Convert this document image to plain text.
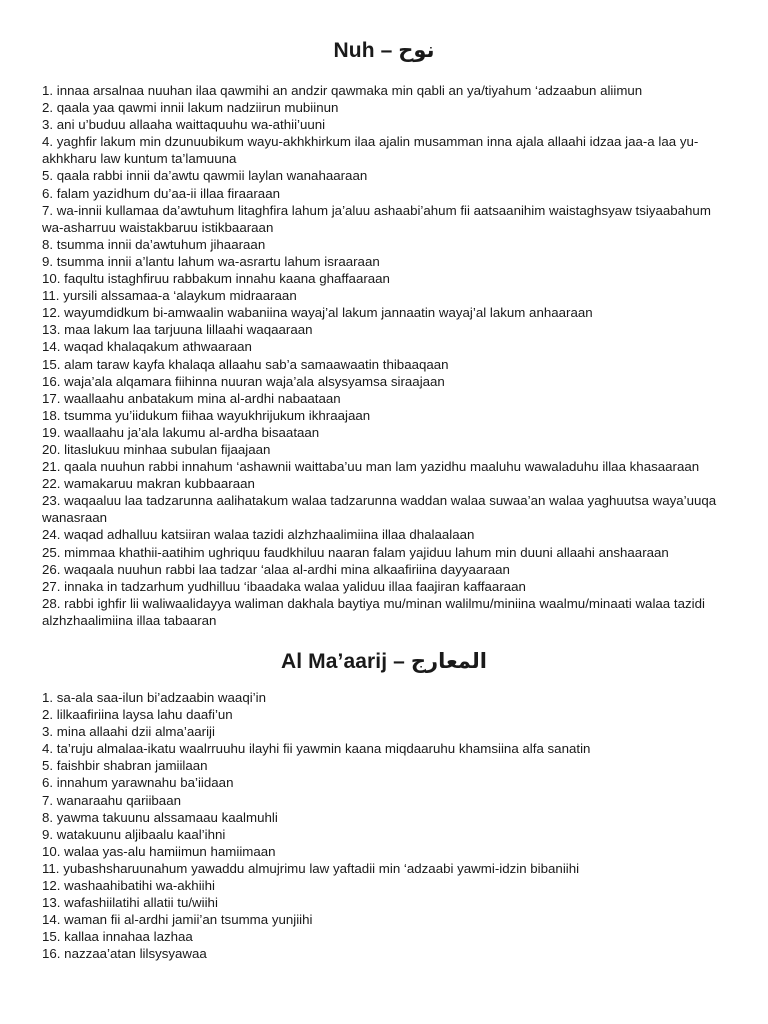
Nuh – نوح
1. innaa arsalnaa nuuhan ilaa qawmihi an andzir qawmaka min qabli an ya/tiyahum ‘adzaabun aliimun
2. qaala yaa qawmi innii lakum nadziirun mubiinun
3. ani u’buduu allaaha waittaquuhu wa-athii’uuni
4. yaghfir lakum min dzunuubikum wayu-akhkhirkum ilaa ajalin musamman inna ajala allaahi idzaa jaa-a laa yu-akhkharu law kuntum ta’lamuuna
5. qaala rabbi innii da’awtu qawmii laylan wanahaaraan
6. falam yazidhum du’aa-ii illaa firaaraan
7. wa-innii kullamaa da’awtuhum litaghfira lahum ja’aluu ashaabi’ahum fii aatsaanihim waistaghsyaw tsiyaabahum wa-asharruu waistakbaruu istikbaaraan
8. tsumma innii da’awtuhum jihaaraan
9. tsumma innii a’lantu lahum wa-asrartu lahum israaraan
10. faqultu istaghfiruu rabbakum innahu kaana ghaffaaraan
11. yursili alssamaa-a ‘alaykum midraaraan
12. wayumdidkum bi-amwaalin wabaniina wayaj’al lakum jannaatin wayaj’al lakum anhaaraan
13. maa lakum laa tarjuuna lillaahi waqaaraan
14. waqad khalaqakum athwaaraan
15. alam taraw kayfa khalaqa allaahu sab’a samaawaatin thibaaqaan
16. waja’ala alqamara fiihinna nuuran waja’ala alsysyamsa siraajaan
17. waallaahu anbatakum mina al-ardhi nabaataan
18. tsumma yu’iidukum fiihaa wayukhrijukum ikhraajaan
19. waallaahu ja’ala lakumu al-ardha bisaataan
20. litaslukuu minhaa subulan fijaajaan
21. qaala nuuhun rabbi innahum ‘ashawnii waittaba’uu man lam yazidhu maaluhu wawaladuhu illaa khasaaraan
22. wamakaruu makran kubbaaraan
23. waqaaluu laa tadzarunna aalihatakum walaa tadzarunna waddan walaa suwaa’an walaa yaghuutsa waya’uuqa wanasraan
24. waqad adhalluu katsiiran walaa tazidi alzhzhaalimiina illaa dhalaalaan
25. mimmaa khathii-aatihim ughriquu faudkhiluu naaran falam yajiduu lahum min duuni allaahi anshaaraan
26. waqaala nuuhun rabbi laa tadzar ‘alaa al-ardhi mina alkaafiriina dayyaaraan
27. innaka in tadzarhum yudhilluu ‘ibaadaka walaa yaliduu illaa faajiran kaffaaraan
28. rabbi ighfir lii waliwaalidayya waliman dakhala baytiya mu/minan walilmu/miniina waalmu/minaati walaa tazidi alzhzhaalimiina illaa tabaaran
Al Ma’aarij – المعارج
1. sa-ala saa-ilun bi’adzaabin waaqi’in
2. lilkaafiriina laysa lahu daafi’un
3. mina allaahi dzii alma’aariji
4. ta’ruju almalaa-ikatu waalrruuhu ilayhi fii yawmin kaana miqdaaruhu khamsiina alfa sanatin
5. faishbir shabran jamiilaan
6. innahum yarawnahu ba’iidaan
7. wanaraahu qariibaan
8. yawma takuunu alssamaau kaalmuhli
9. watakuunu aljibaalu kaal’ihni
10. walaa yas-alu hamiimun hamiimaan
11. yubashsharuunahum yawaddu almujrimu law yaftadii min ‘adzaabi yawmi-idzin bibaniihi
12. washaahibatihi wa-akhiihi
13. wafashiilatihi allatii tu/wiihi
14. waman fii al-ardhi jamii’an tsumma yunjiihi
15. kallaa innahaa lazhaa
16. nazzaa’atan lilsysyawaa
